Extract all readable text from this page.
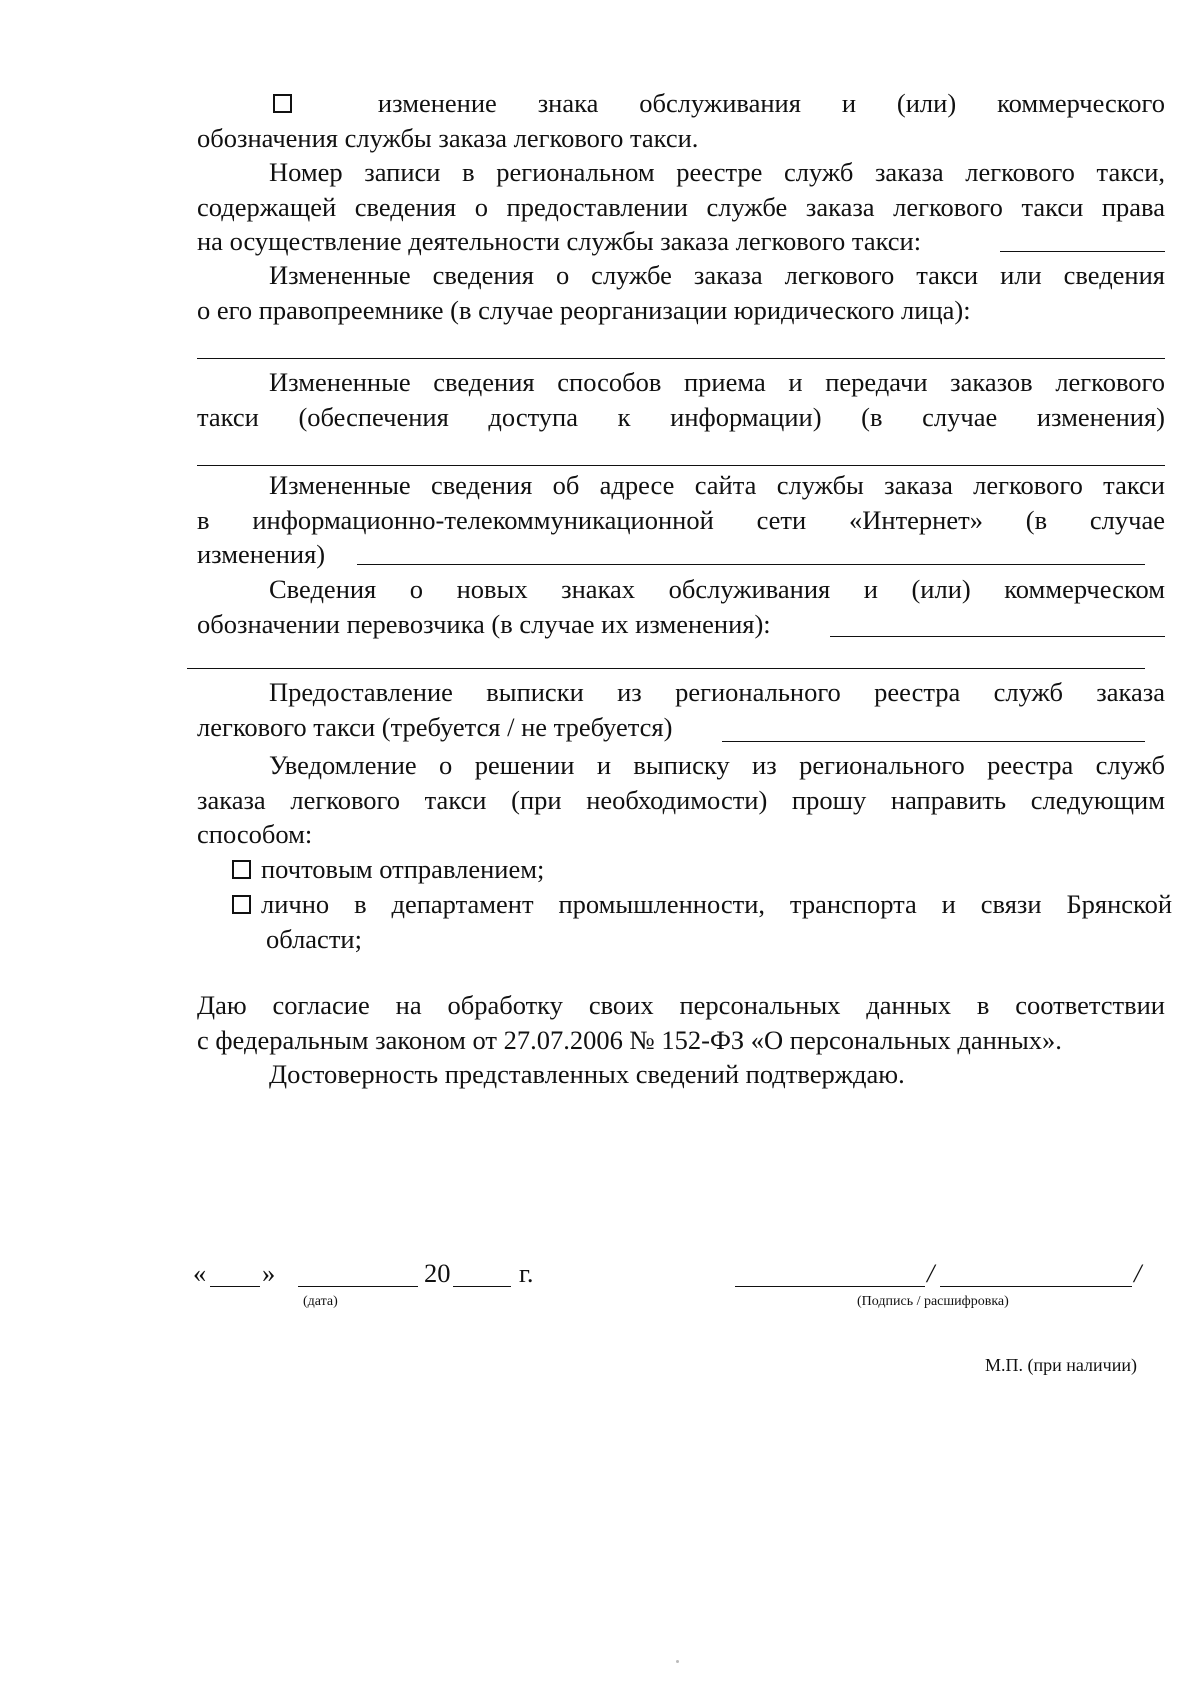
изменение знака обслуживания и (или) коммерческого
обозначения службы заказа легкового такси.
Номер записи в региональном реестре служб заказа легкового такси,
содержащей сведения о предоставлении службе заказа легкового такси права
на осуществление деятельности службы заказа легкового такси:
Измененные сведения о службе заказа легкового такси или сведения
о его правопреемнике (в случае реорганизации юридического лица):
Измененные сведения способов приема и передачи заказов легкового
такси (обеспечения доступа к информации) (в случае изменения)
Измененные сведения об адресе сайта службы заказа легкового такси
в информационно-телекоммуникационной сети «Интернет» (в случае
изменения)
Сведения о новых знаках обслуживания и (или) коммерческом
обозначении перевозчика (в случае их изменения):
Предоставление выписки из регионального реестра служб заказа
легкового такси (требуется / не требуется)
Уведомление о решении и выписку из регионального реестра служб
заказа легкового такси (при необходимости) прошу направить следующим
способом:
почтовым отправлением;
лично в департамент промышленности, транспорта и связи Брянской
области;
Даю согласие на обработку своих персональных данных в соответствии
с федеральным законом от 27.07.2006 № 152-ФЗ «О персональных данных».
Достоверность представленных сведений подтверждаю.
« »	20	г.
(дата)
/	/
(Подпись / расшифровка)
М.П. (при наличии)
